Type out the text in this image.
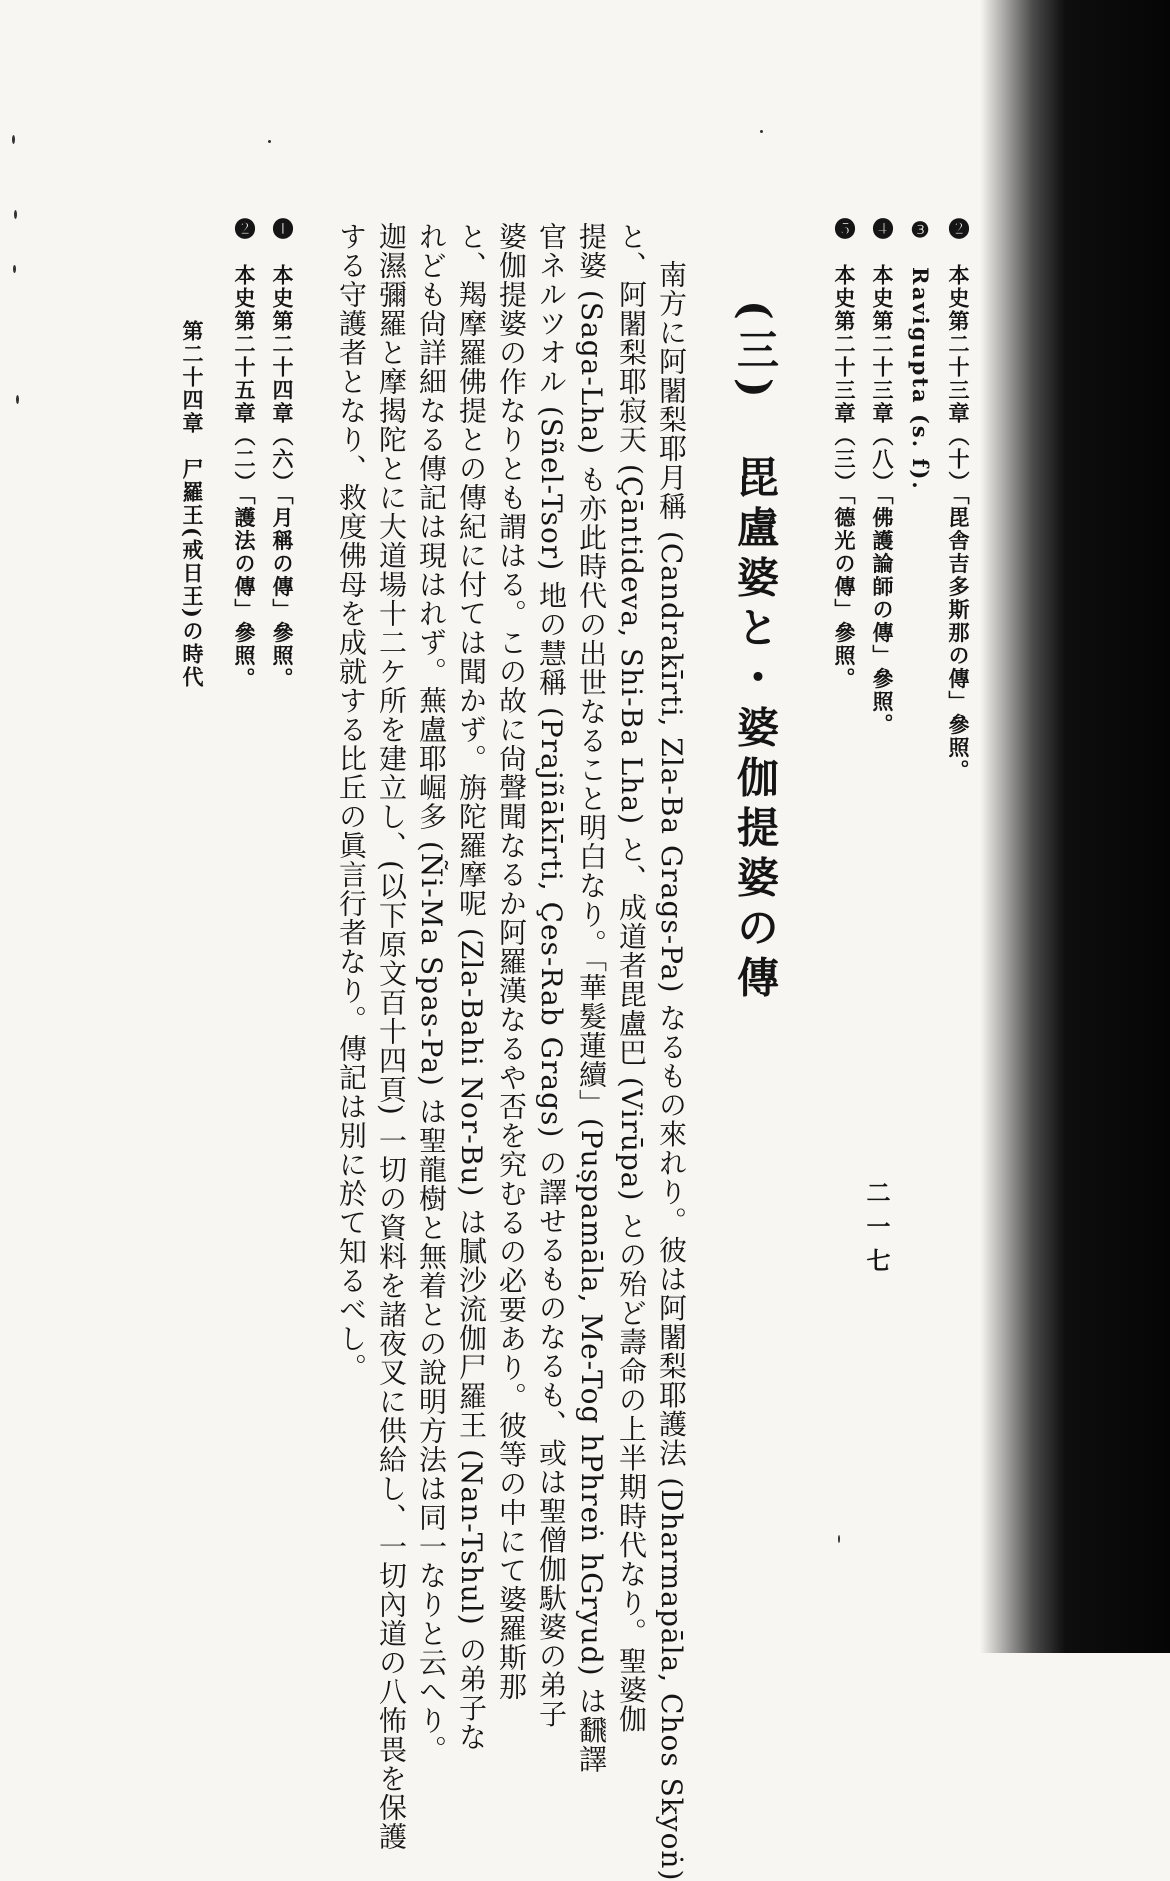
❷　本史第二十三章（十）「毘舎吉多斯那の傳」參照。
❸　Ravigupta (s. f).
❹　本史第二十三章（八）「佛護論師の傳」參照。
❺　本史第二十三章（三）「德光の傳」參照。
(三)　毘盧婆と・婆伽提婆の傳
南方に阿闍梨耶月稱 (Candrakīrti, Zla-Ba Grags-Pa) なるもの來れり。彼は阿闍梨耶護法 (Dharmapāla, Chos Skyoṅ)
と、阿闍梨耶寂天 (Çāntideva, Shi-Ba Lha) と、成道者毘盧巴 (Virūpa) との殆ど壽命の上半期時代なり。聖婆伽
提婆 (Saga-Lha) も亦此時代の出世なること明白なり。「華髮蓮續」(Puṣpamāla, Me-Tog hPhreṅ hGryud) は飜譯
官ネルツオル (Sñel-Tsor) 地の慧稱 (Prajñākīrti, Çes-Rab Grags) の譯せるものなるも、或は聖僧伽馱婆の弟子
婆伽提婆の作なりとも謂はる。この故に尙聲聞なるか阿羅漢なるや否を究むるの必要あり。彼等の中にて婆羅斯那
と、羯摩羅佛提との傳紀に付ては聞かず。旃陀羅摩呢 (Zla-Bahi Nor-Bu) は膩沙流伽尸羅王 (Nan-Tshul) の弟子な
れども尙詳細なる傳記は現はれず。蕪盧耶崛多 (Ñi-Ma Spas-Pa) は聖龍樹と無着との說明方法は同一なりと云へり。
迦濕彌羅と摩揭陀とに大道場十二ケ所を建立し、(以下原文百十四頁) 一切の資料を諸夜叉に供給し、一切內道の八怖畏を保護
する守護者となり、救度佛母を成就する比丘の眞言行者なり。傳記は別に於て知るべし。
❶　本史第二十四章（六）「月稱の傳」參照。
❷　本史第二十五章（二）「護法の傳」參照。
第二十四章　尸羅王(戒日王)の時代
二一七
